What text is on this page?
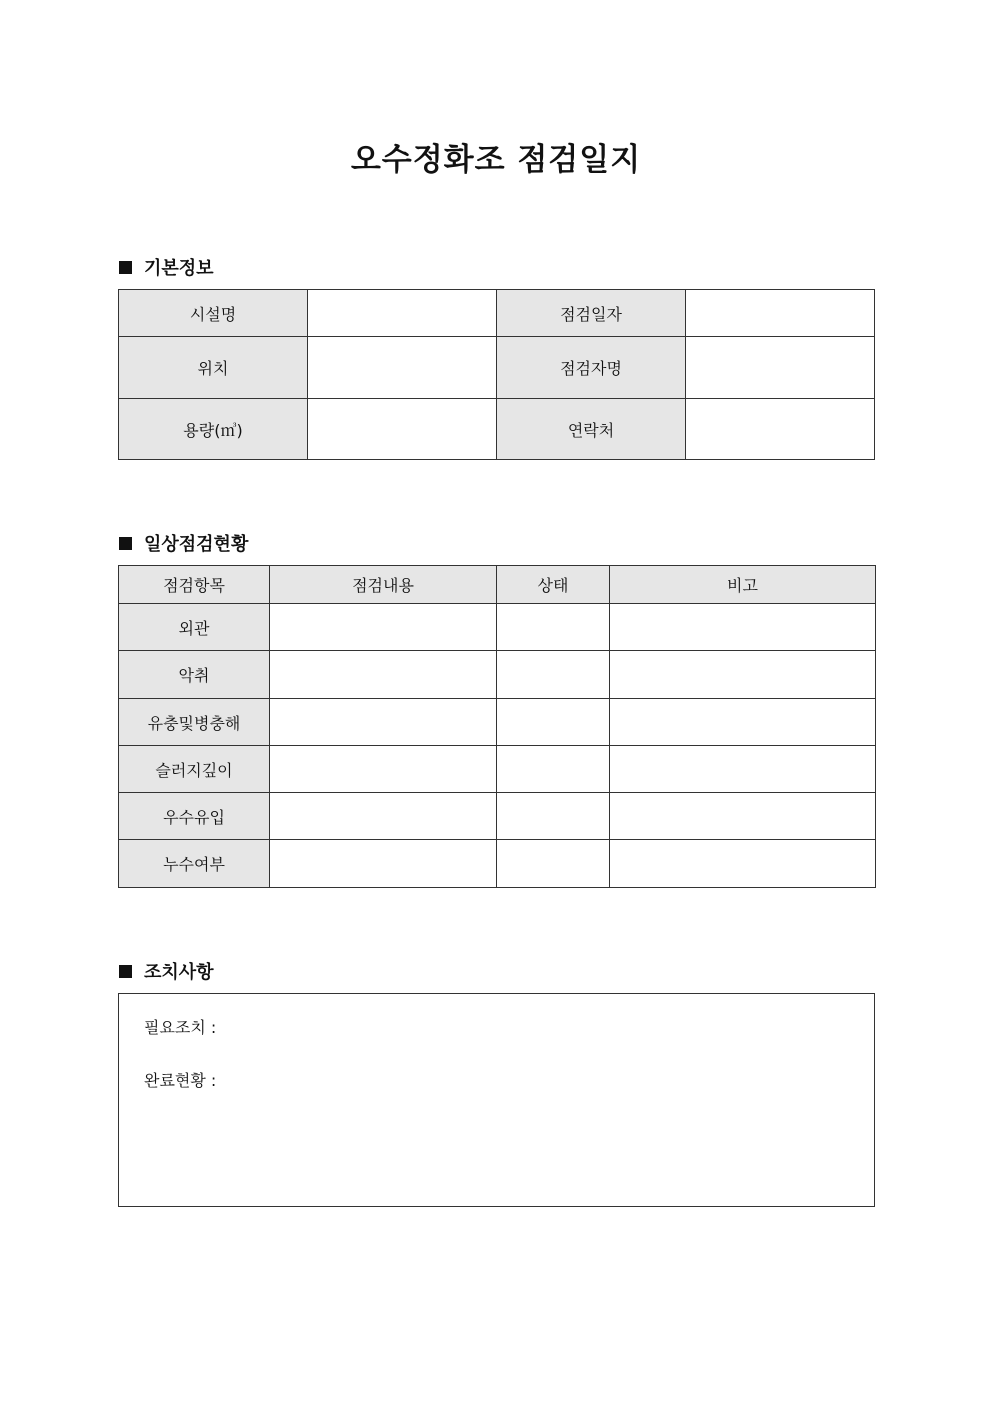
오수정화조 점검일지
기본정보
시설명		점검일자	
위치		점검자명	
용량(㎥)		연락처	
일상점검현황
점검항목	점검내용	상태	비고
외관			
악취			
유충및병충해			
슬러지깊이			
우수유입			
누수여부			
조치사항
필요조치 :
완료현황 :
